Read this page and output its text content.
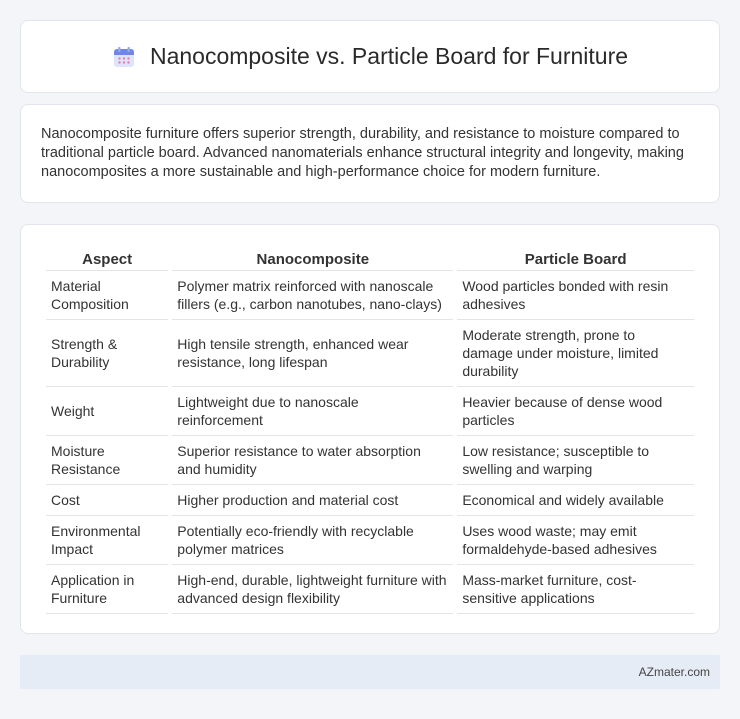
Nanocomposite vs. Particle Board for Furniture

Nanocomposite furniture offers superior strength, durability, and resistance to moisture compared to traditional particle board. Advanced nanomaterials enhance structural integrity and longevity, making nanocomposites a more sustainable and high-performance choice for modern furniture.

Aspect	Nanocomposite	Particle Board
Material Composition	Polymer matrix reinforced with nanoscale fillers (e.g., carbon nanotubes, nano-clays)	Wood particles bonded with resin adhesives
Strength & Durability	High tensile strength, enhanced wear resistance, long lifespan	Moderate strength, prone to damage under moisture, limited durability
Weight	Lightweight due to nanoscale reinforcement	Heavier because of dense wood particles
Moisture Resistance	Superior resistance to water absorption and humidity	Low resistance; susceptible to swelling and warping
Cost	Higher production and material cost	Economical and widely available
Environmental Impact	Potentially eco-friendly with recyclable polymer matrices	Uses wood waste; may emit formaldehyde-based adhesives
Application in Furniture	High-end, durable, lightweight furniture with advanced design flexibility	Mass-market furniture, cost-sensitive applications
AZmater.com
